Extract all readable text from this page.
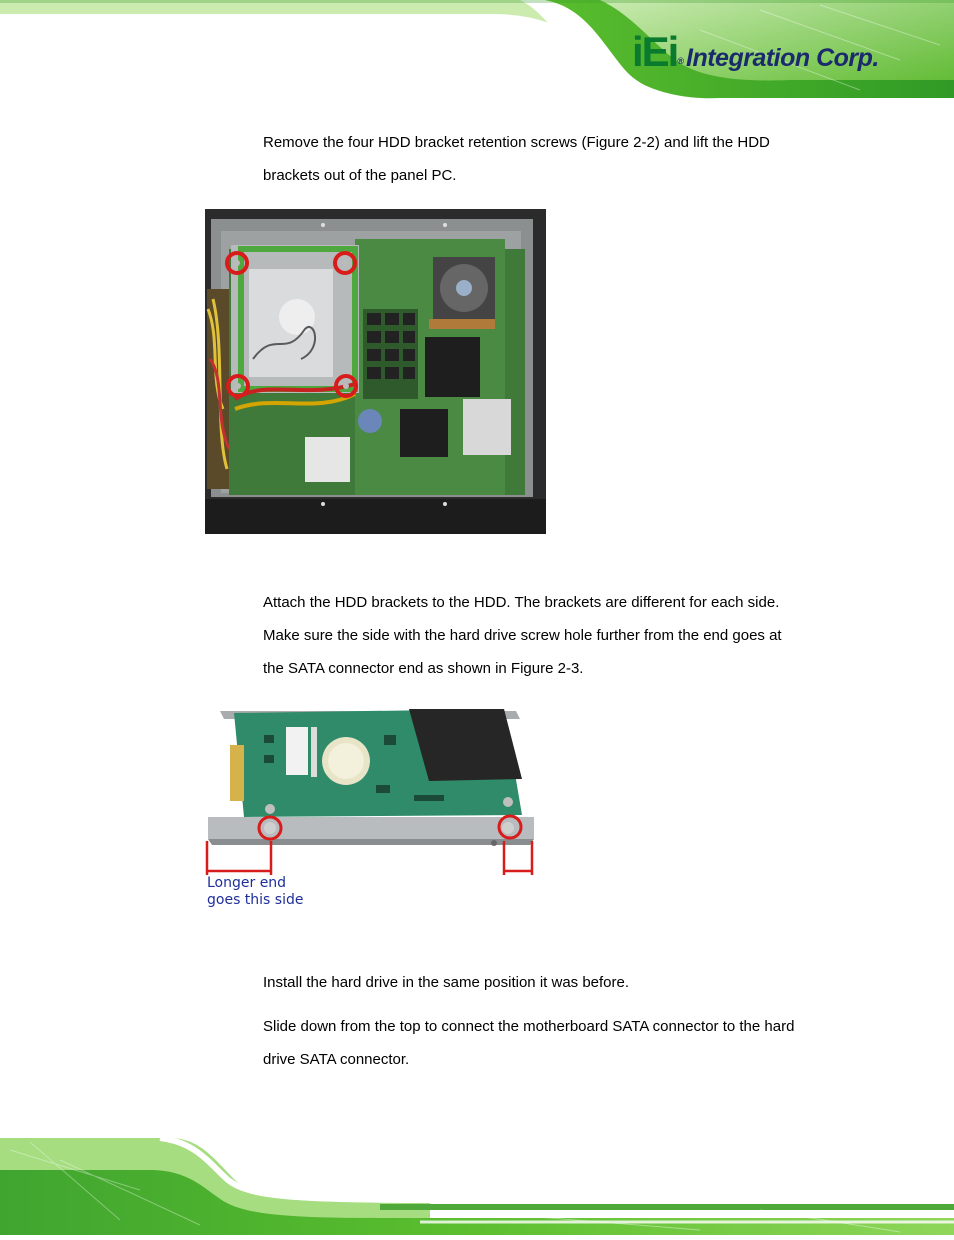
iEi®Integration Corp.

Remove the four HDD bracket retention screws (Figure 2-2) and lift the HDD
brackets out of the panel PC.

Attach the HDD brackets to the HDD. The brackets are different for each side.
Make sure the side with the hard drive screw hole further from the end goes at
the SATA connector end as shown in Figure 2-3.

Longer end
goes this side

Install the hard drive in the same position it was before.

Slide down from the top to connect the motherboard SATA connector to the hard
drive SATA connector.
